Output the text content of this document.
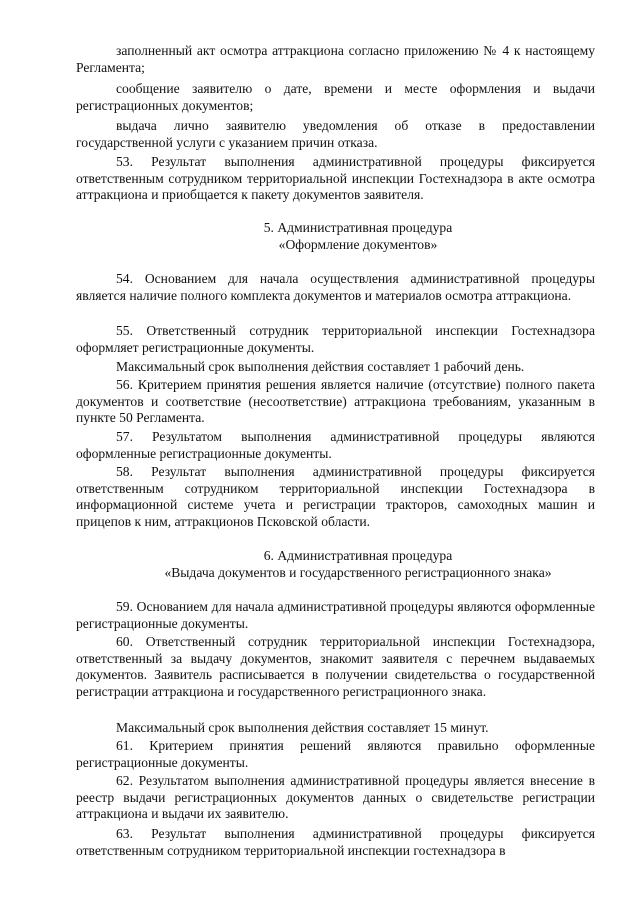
заполненный акт осмотра аттракциона согласно приложению № 4 к настоящему Регламента;

сообщение заявителю о дате, времени и месте оформления и выдачи регистрационных документов;

выдача лично заявителю уведомления об отказе в предоставлении государственной услуги с указанием причин отказа.

53. Результат выполнения административной процедуры фиксируется ответственным сотрудником территориальной инспекции Гостехнадзора в акте осмотра аттракциона и приобщается к пакету документов заявителя.

5. Административная процедура

«Оформление документов»

54. Основанием для начала осуществления административной процедуры является наличие полного комплекта документов и материалов осмотра аттракциона.

55. Ответственный сотрудник территориальной инспекции Гостехнадзора оформляет регистрационные документы.

Максимальный срок выполнения действия составляет 1 рабочий день.

56. Критерием принятия решения является наличие (отсутствие) полного пакета документов и соответствие (несоответствие) аттракциона требованиям, указанным в пункте 50 Регламента.

57. Результатом выполнения административной процедуры являются оформленные регистрационные документы.

58. Результат выполнения административной процедуры фиксируется ответственным сотрудником территориальной инспекции Гостехнадзора в информационной системе учета и регистрации тракторов, самоходных машин и прицепов к ним, аттракционов Псковской области.

6. Административная процедура

«Выдача документов и государственного регистрационного знака»

59. Основанием для начала административной процедуры являются оформленные регистрационные документы.

60. Ответственный сотрудник территориальной инспекции Гостехнадзора, ответственный за выдачу документов, знакомит заявителя с перечнем выдаваемых документов. Заявитель расписывается в получении свидетельства о государственной регистрации аттракциона и государственного регистрационного знака.

Максимальный срок выполнения действия составляет 15 минут.

61. Критерием принятия решений являются правильно оформленные регистрационные документы.

62. Результатом выполнения административной процедуры является внесение в реестр выдачи регистрационных документов данных о свидетельстве регистрации аттракциона и выдачи их заявителю.

63. Результат выполнения административной процедуры фиксируется ответственным сотрудником территориальной инспекции гостехнадзора в
